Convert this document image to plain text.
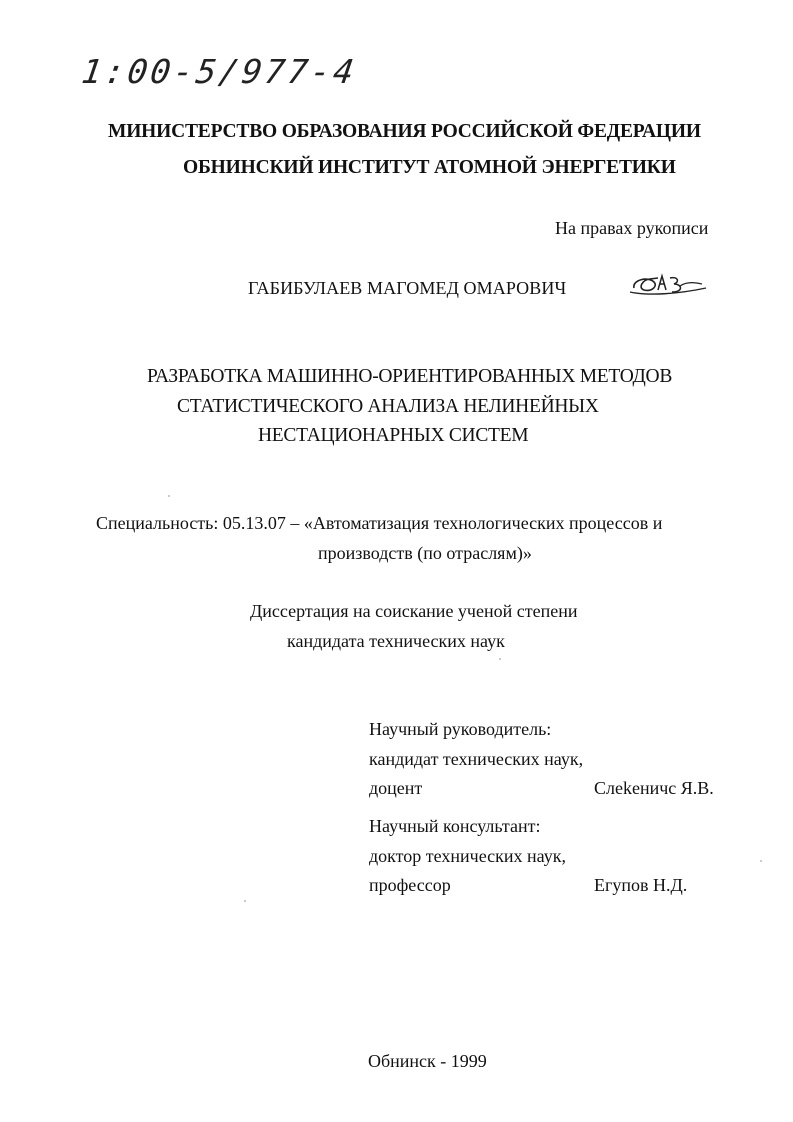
1:00-5/977-4
МИНИСТЕРСТВО ОБРАЗОВАНИЯ РОССИЙСКОЙ ФЕДЕРАЦИИ
ОБНИНСКИЙ ИНСТИТУТ АТОМНОЙ ЭНЕРГЕТИКИ
На правах рукописи
ГАБИБУЛАЕВ МАГОМЕД ОМАРОВИЧ
РАЗРАБОТКА МАШИННО-ОРИЕНТИРОВАННЫХ МЕТОДОВ
СТАТИСТИЧЕСКОГО АНАЛИЗА НЕЛИНЕЙНЫХ
НЕСТАЦИОНАРНЫХ СИСТЕМ
Специальность: 05.13.07 – «Автоматизация технологических процессов и
производств (по отраслям)»
Диссертация на соискание ученой степени
кандидата технических наук
Научный руководитель:
кандидат технических наук,
доцент	Слеkеничс Я.В.
Научный консультант:
доктор технических наук,
профессор	Егупов Н.Д.
Обнинск - 1999
